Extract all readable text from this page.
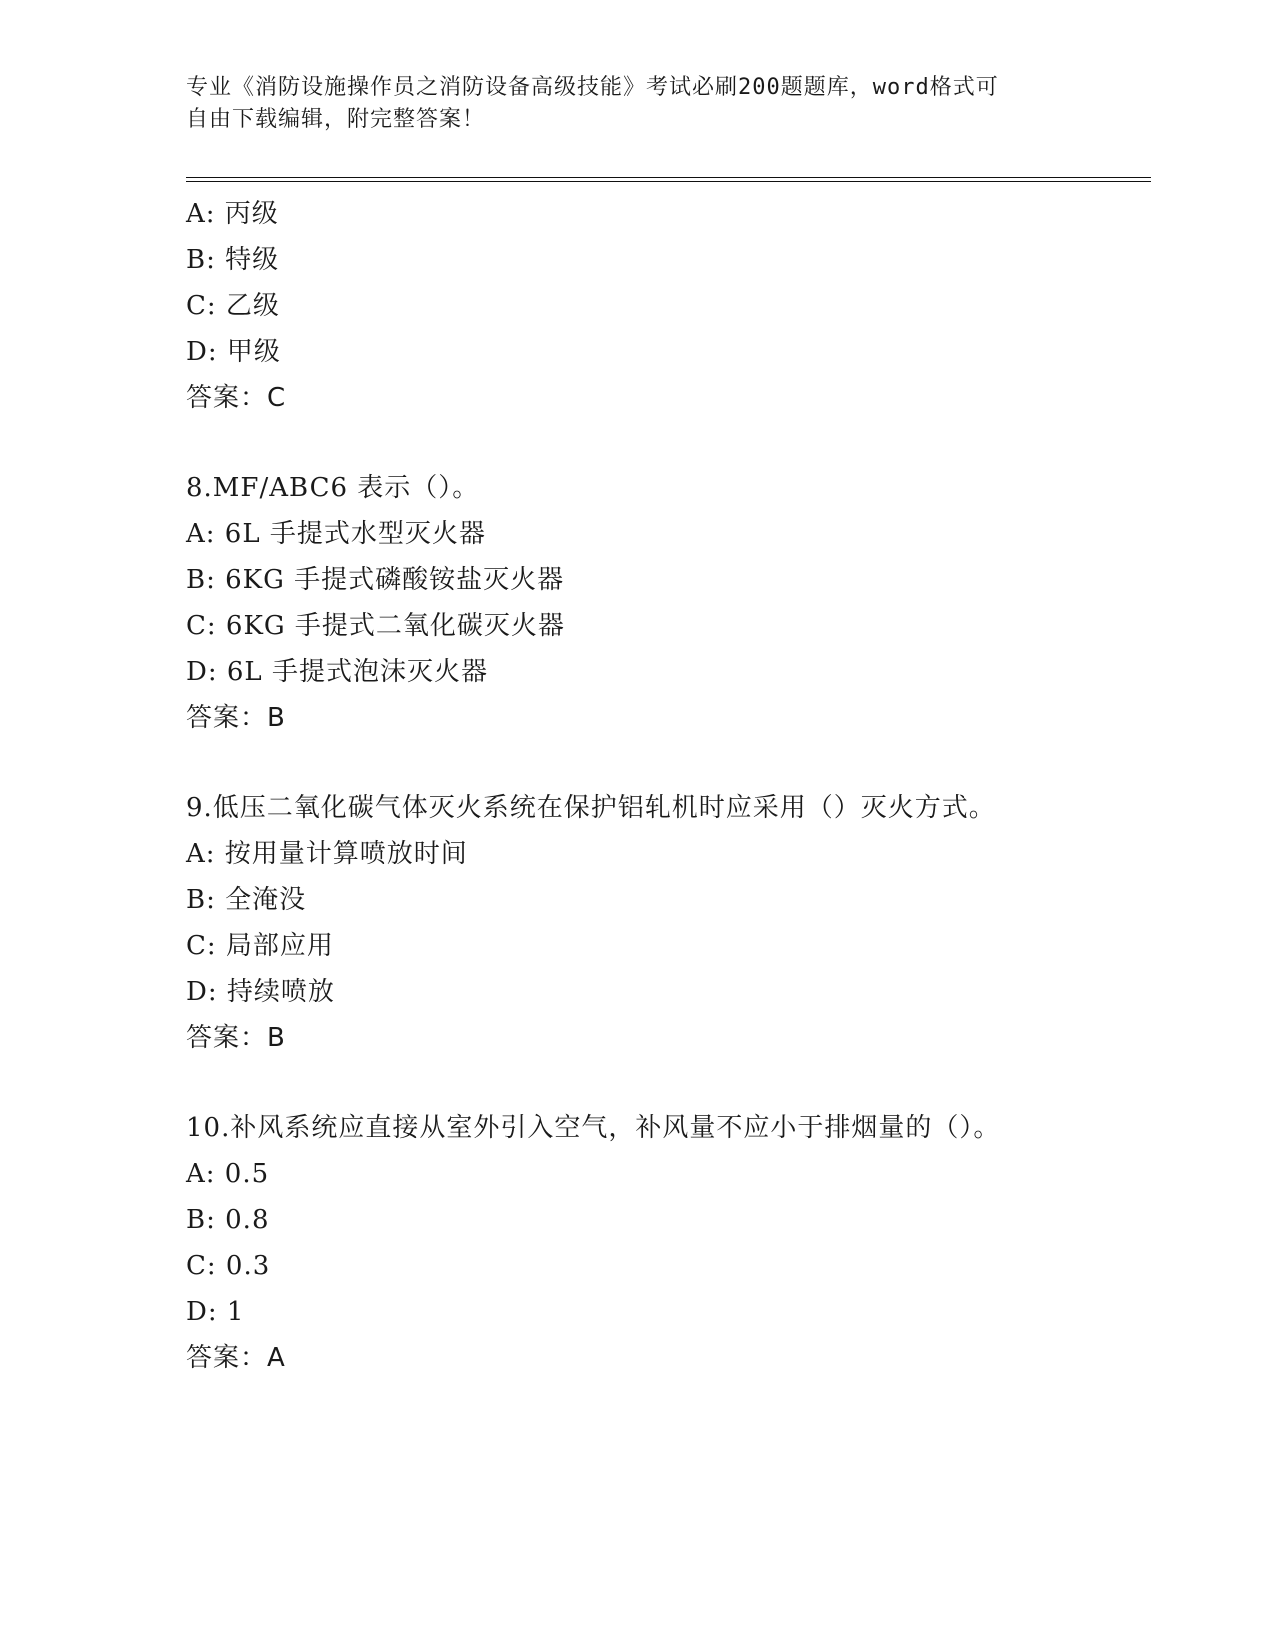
专业《消防设施操作员之消防设备高级技能》考试必刷200题题库，word格式可
自由下载编辑，附完整答案！
A: 丙级
B: 特级
C: 乙级
D: 甲级
答案：C
8.MF/ABC6 表示（）。
A: 6L 手提式水型灭火器
B: 6KG 手提式磷酸铵盐灭火器
C: 6KG 手提式二氧化碳灭火器
D: 6L 手提式泡沫灭火器
答案：B
9.低压二氧化碳气体灭火系统在保护铝轧机时应采用（）灭火方式。
A: 按用量计算喷放时间
B: 全淹没
C: 局部应用
D: 持续喷放
答案：B
10.补风系统应直接从室外引入空气，补风量不应小于排烟量的（）。
A: 0.5
B: 0.8
C: 0.3
D: 1
答案：A
